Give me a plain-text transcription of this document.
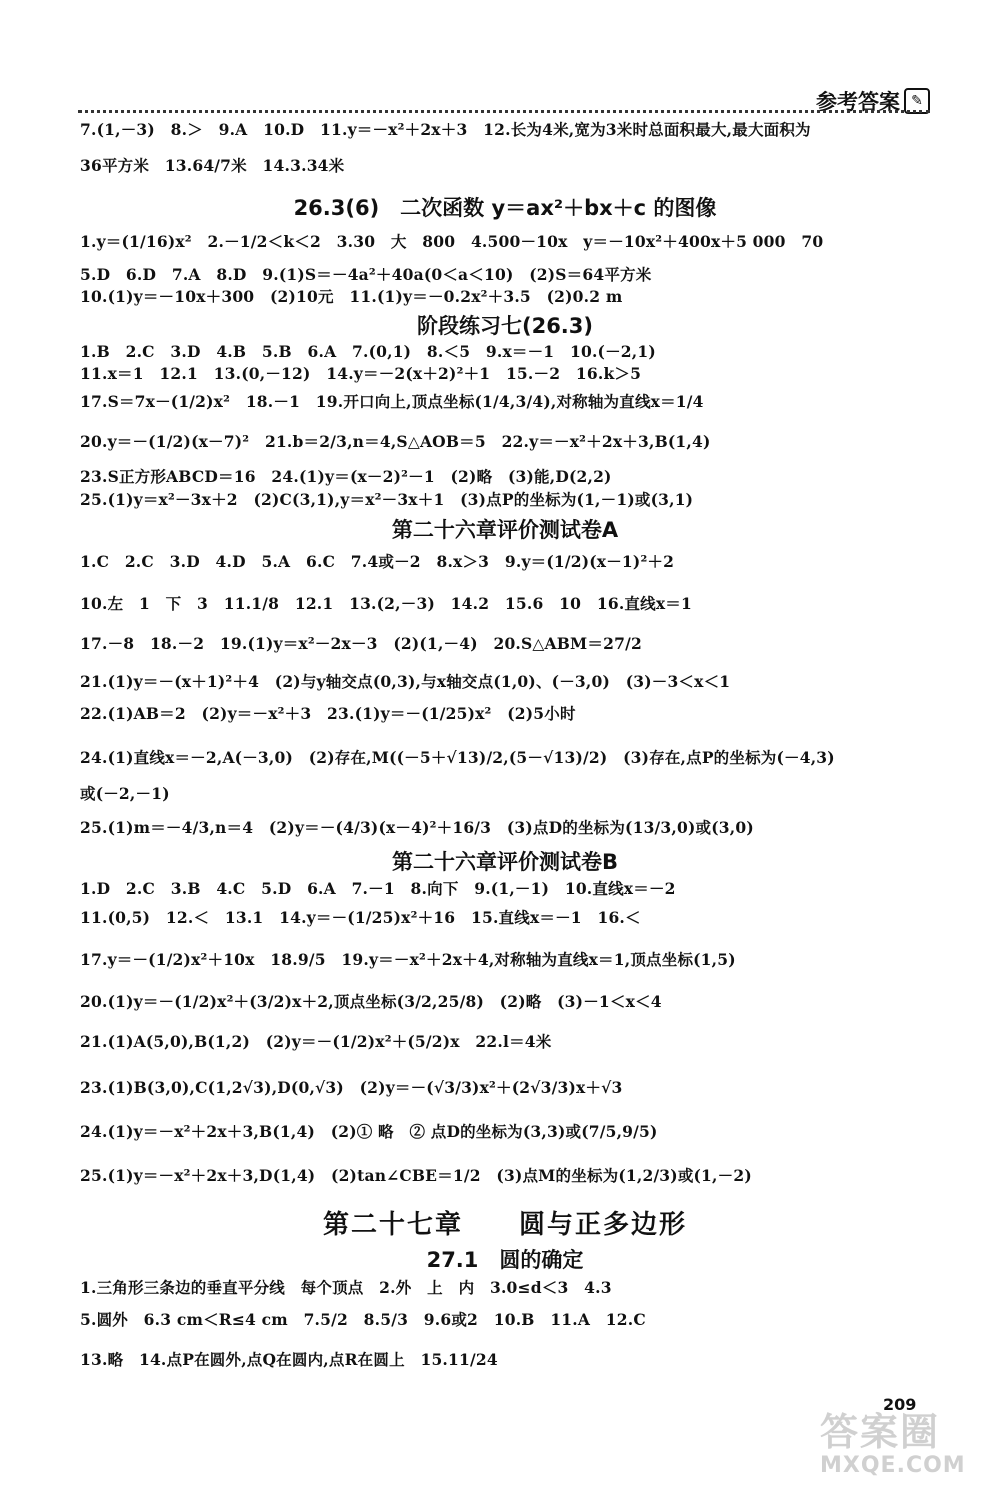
参考答案 ✎
7.(1,－3)　8.＞　9.A　10.D　11.y＝－x²＋2x＋3　12.长为4米,宽为3米时总面积最大,最大面积为
36平方米　13.64/7米　14.3.34米
26.3(6)　二次函数 y＝ax²＋bx＋c 的图像
1.y＝(1/16)x²　2.－1/2＜k＜2　3.30　大　800　4.500－10x　y＝－10x²＋400x＋5 000　70
5.D　6.D　7.A　8.D　9.(1)S＝－4a²＋40a(0＜a＜10)　(2)S＝64平方米
10.(1)y＝－10x＋300　(2)10元　11.(1)y＝－0.2x²＋3.5　(2)0.2 m
阶段练习七(26.3)
1.B　2.C　3.D　4.B　5.B　6.A　7.(0,1)　8.＜5　9.x＝－1　10.(－2,1)
11.x＝1　12.1　13.(0,－12)　14.y＝－2(x＋2)²＋1　15.－2　16.k＞5
17.S＝7x－(1/2)x²　18.－1　19.开口向上,顶点坐标(1/4,3/4),对称轴为直线x＝1/4
20.y＝－(1/2)(x－7)²　21.b＝2/3,n＝4,S△AOB＝5　22.y＝－x²＋2x＋3,B(1,4)
23.S正方形ABCD＝16　24.(1)y＝(x－2)²－1　(2)略　(3)能,D(2,2)
25.(1)y＝x²－3x＋2　(2)C(3,1),y＝x²－3x＋1　(3)点P的坐标为(1,－1)或(3,1)
第二十六章评价测试卷A
1.C　2.C　3.D　4.D　5.A　6.C　7.4或－2　8.x＞3　9.y＝(1/2)(x－1)²＋2
10.左　1　下　3　11.1/8　12.1　13.(2,－3)　14.2　15.6　10　16.直线x＝1
17.－8　18.－2　19.(1)y＝x²－2x－3　(2)(1,－4)　20.S△ABM＝27/2
21.(1)y＝－(x＋1)²＋4　(2)与y轴交点(0,3),与x轴交点(1,0)、(－3,0)　(3)－3＜x＜1
22.(1)AB＝2　(2)y＝－x²＋3　23.(1)y＝－(1/25)x²　(2)5小时
24.(1)直线x＝－2,A(－3,0)　(2)存在,M((－5＋√13)/2,(5－√13)/2)　(3)存在,点P的坐标为(－4,3)
或(－2,－1)
25.(1)m＝－4/3,n＝4　(2)y＝－(4/3)(x－4)²＋16/3　(3)点D的坐标为(13/3,0)或(3,0)
第二十六章评价测试卷B
1.D　2.C　3.B　4.C　5.D　6.A　7.－1　8.向下　9.(1,－1)　10.直线x＝－2
11.(0,5)　12.＜　13.1　14.y＝－(1/25)x²＋16　15.直线x＝－1　16.＜
17.y＝－(1/2)x²＋10x　18.9/5　19.y＝－x²＋2x＋4,对称轴为直线x＝1,顶点坐标(1,5)
20.(1)y＝－(1/2)x²＋(3/2)x＋2,顶点坐标(3/2,25/8)　(2)略　(3)－1＜x＜4
21.(1)A(5,0),B(1,2)　(2)y＝－(1/2)x²＋(5/2)x　22.l＝4米
23.(1)B(3,0),C(1,2√3),D(0,√3)　(2)y＝－(√3/3)x²＋(2√3/3)x＋√3
24.(1)y＝－x²＋2x＋3,B(1,4)　(2)① 略　② 点D的坐标为(3,3)或(7/5,9/5)
25.(1)y＝－x²＋2x＋3,D(1,4)　(2)tan∠CBE＝1/2　(3)点M的坐标为(1,2/3)或(1,－2)
第二十七章　　圆与正多边形
27.1　圆的确定
1.三角形三条边的垂直平分线　每个顶点　2.外　上　内　3.0≤d＜3　4.3
5.圆外　6.3 cm＜R≤4 cm　7.5/2　8.5/3　9.6或2　10.B　11.A　12.C
13.略　14.点P在圆外,点Q在圆内,点R在圆上　15.11/24
209
答案圈
MXQE.COM
